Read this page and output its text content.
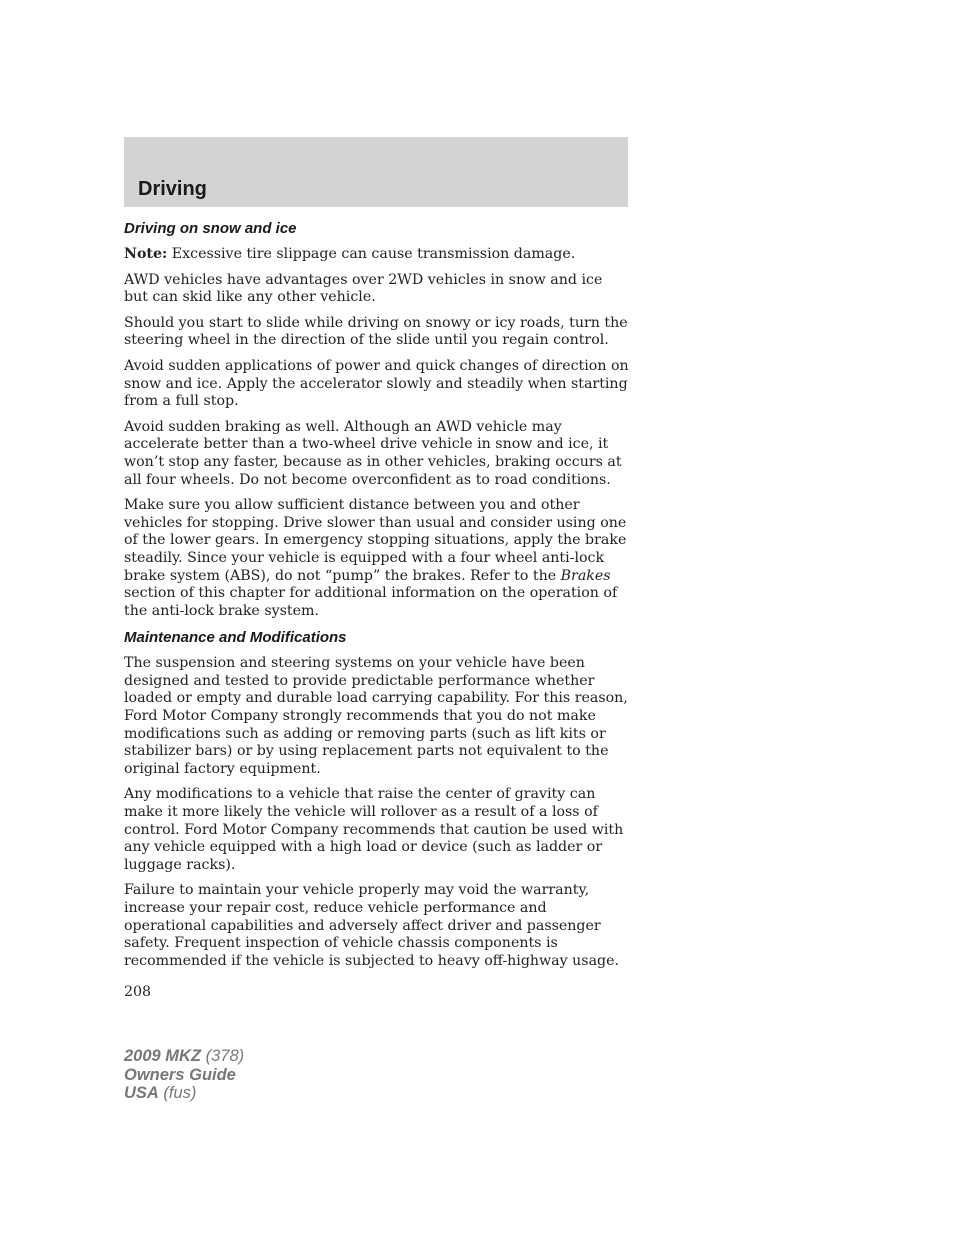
Driving
Driving on snow and ice

Note: Excessive tire slippage can cause transmission damage.

AWD vehicles have advantages over 2WD vehicles in snow and ice but can skid like any other vehicle.

Should you start to slide while driving on snowy or icy roads, turn the steering wheel in the direction of the slide until you regain control.

Avoid sudden applications of power and quick changes of direction on snow and ice. Apply the accelerator slowly and steadily when starting from a full stop.

Avoid sudden braking as well. Although an AWD vehicle may accelerate better than a two-wheel drive vehicle in snow and ice, it won’t stop any faster, because as in other vehicles, braking occurs at all four wheels. Do not become overconfident as to road conditions.

Make sure you allow sufficient distance between you and other vehicles for stopping. Drive slower than usual and consider using one of the lower gears. In emergency stopping situations, apply the brake steadily. Since your vehicle is equipped with a four wheel anti-lock brake system (ABS), do not “pump” the brakes. Refer to the Brakes section of this chapter for additional information on the operation of the anti-lock brake system.

Maintenance and Modifications

The suspension and steering systems on your vehicle have been designed and tested to provide predictable performance whether loaded or empty and durable load carrying capability. For this reason, Ford Motor Company strongly recommends that you do not make modifications such as adding or removing parts (such as lift kits or stabilizer bars) or by using replacement parts not equivalent to the original factory equipment.

Any modifications to a vehicle that raise the center of gravity can make it more likely the vehicle will rollover as a result of a loss of control. Ford Motor Company recommends that caution be used with any vehicle equipped with a high load or device (such as ladder or luggage racks).

Failure to maintain your vehicle properly may void the warranty, increase your repair cost, reduce vehicle performance and operational capabilities and adversely affect driver and passenger safety. Frequent inspection of vehicle chassis components is recommended if the vehicle is subjected to heavy off-highway usage.

208
2009 MKZ (378)
Owners Guide
USA (fus)
